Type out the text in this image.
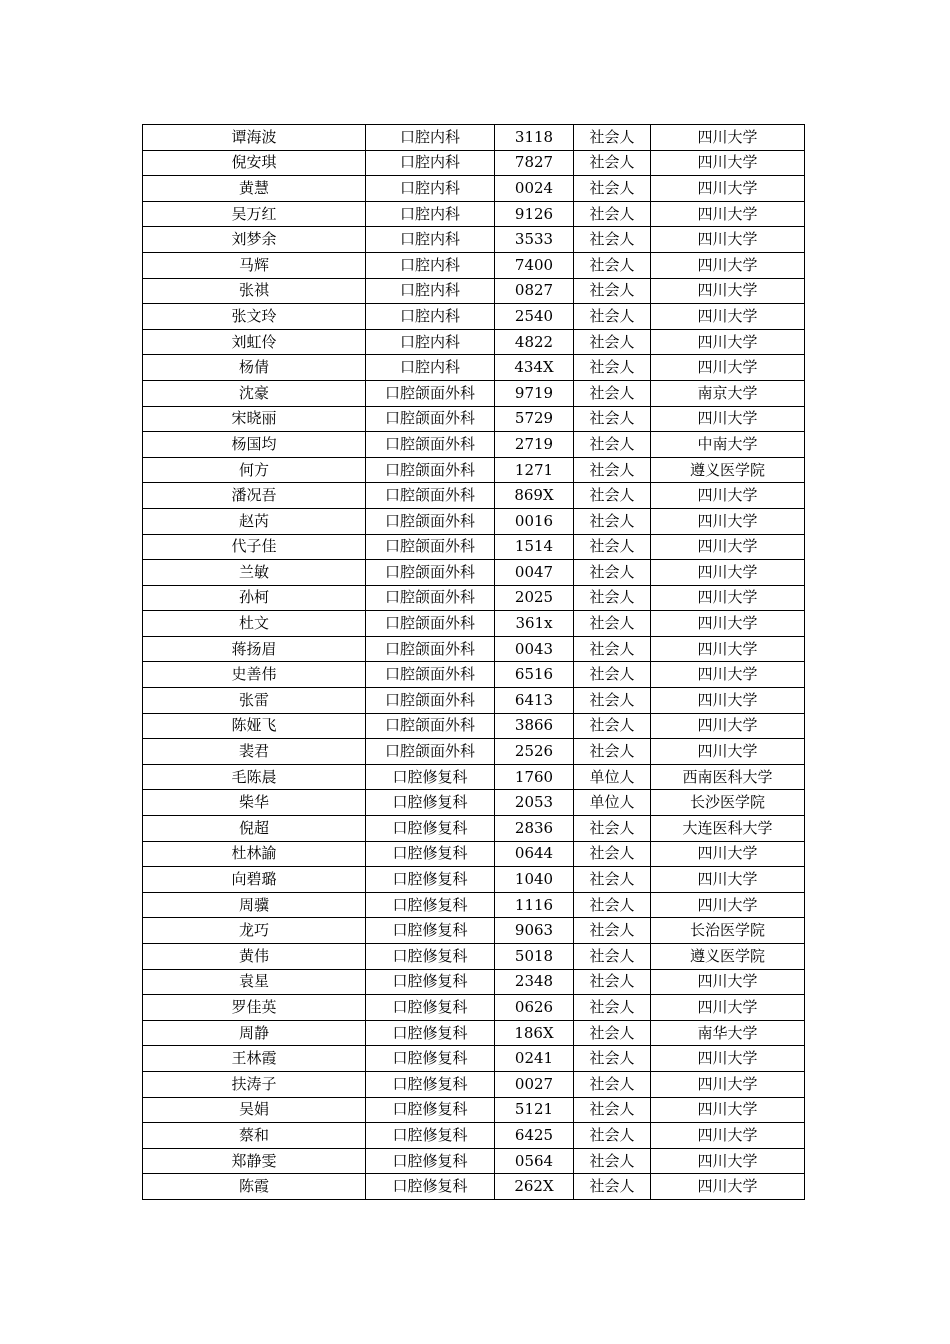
谭海波	口腔内科	3118	社会人	四川大学
倪安琪	口腔内科	7827	社会人	四川大学
黄慧	口腔内科	0024	社会人	四川大学
吴万红	口腔内科	9126	社会人	四川大学
刘梦余	口腔内科	3533	社会人	四川大学
马辉	口腔内科	7400	社会人	四川大学
张祺	口腔内科	0827	社会人	四川大学
张文玲	口腔内科	2540	社会人	四川大学
刘虹伶	口腔内科	4822	社会人	四川大学
杨倩	口腔内科	434X	社会人	四川大学
沈豪	口腔颌面外科	9719	社会人	南京大学
宋晓丽	口腔颌面外科	5729	社会人	四川大学
杨国均	口腔颌面外科	2719	社会人	中南大学
何方	口腔颌面外科	1271	社会人	遵义医学院
潘况吾	口腔颌面外科	869X	社会人	四川大学
赵芮	口腔颌面外科	0016	社会人	四川大学
代子佳	口腔颌面外科	1514	社会人	四川大学
兰敏	口腔颌面外科	0047	社会人	四川大学
孙柯	口腔颌面外科	2025	社会人	四川大学
杜文	口腔颌面外科	361x	社会人	四川大学
蒋扬眉	口腔颌面外科	0043	社会人	四川大学
史善伟	口腔颌面外科	6516	社会人	四川大学
张雷	口腔颌面外科	6413	社会人	四川大学
陈娅飞	口腔颌面外科	3866	社会人	四川大学
裴君	口腔颌面外科	2526	社会人	四川大学
毛陈晨	口腔修复科	1760	单位人	西南医科大学
柴华	口腔修复科	2053	单位人	长沙医学院
倪超	口腔修复科	2836	社会人	大连医科大学
杜林諭	口腔修复科	0644	社会人	四川大学
向碧璐	口腔修复科	1040	社会人	四川大学
周骥	口腔修复科	1116	社会人	四川大学
龙巧	口腔修复科	9063	社会人	长治医学院
黄伟	口腔修复科	5018	社会人	遵义医学院
袁星	口腔修复科	2348	社会人	四川大学
罗佳英	口腔修复科	0626	社会人	四川大学
周静	口腔修复科	186X	社会人	南华大学
王林霞	口腔修复科	0241	社会人	四川大学
扶涛子	口腔修复科	0027	社会人	四川大学
吴娟	口腔修复科	5121	社会人	四川大学
蔡和	口腔修复科	6425	社会人	四川大学
郑静雯	口腔修复科	0564	社会人	四川大学
陈霞	口腔修复科	262X	社会人	四川大学
